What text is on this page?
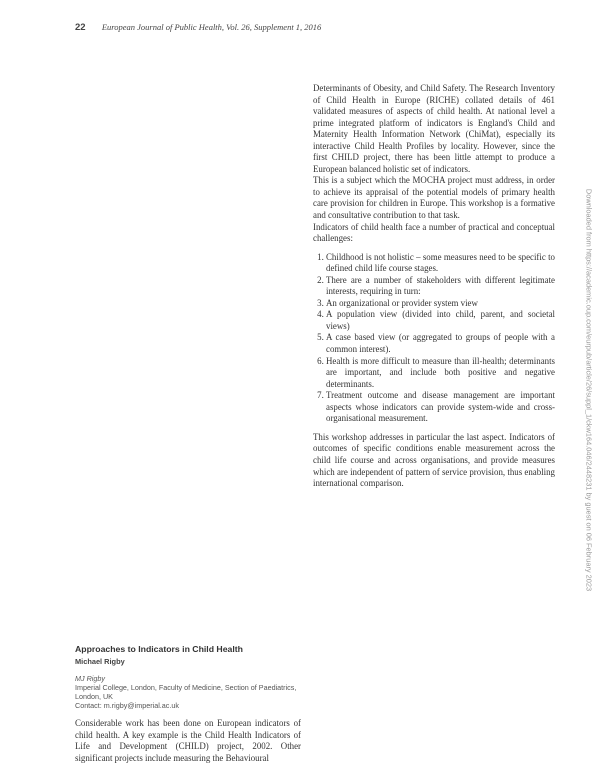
22 European Journal of Public Health, Vol. 26, Supplement 1, 2016

Determinants of Obesity, and Child Safety. The Research Inventory of Child Health in Europe (RICHE) collated details of 461 validated measures of aspects of child health. At national level a prime integrated platform of indicators is England's Child and Maternity Health Information Network (ChiMat), especially its interactive Child Health Profiles by locality. However, since the first CHILD project, there has been little attempt to produce a European balanced holistic set of indicators.

This is a subject which the MOCHA project must address, in order to achieve its appraisal of the potential models of primary health care provision for children in Europe. This workshop is a formative and consultative contribution to that task.

Indicators of child health face a number of practical and conceptual challenges:

1. Childhood is not holistic – some measures need to be specific to defined child life course stages.
2. There are a number of stakeholders with different legitimate interests, requiring in turn:
3. An organizational or provider system view
4. A population view (divided into child, parent, and societal views)
5. A case based view (or aggregated to groups of people with a common interest).
6. Health is more difficult to measure than ill-health; determinants are important, and include both positive and negative determinants.
7. Treatment outcome and disease management are important aspects whose indicators can provide system-wide and cross-organisational measurement.

This workshop addresses in particular the last aspect. Indicators of outcomes of specific conditions enable measurement across the child life course and across organisations, and provide measures which are independent of pattern of service provision, thus enabling international comparison.

Approaches to Indicators in Child Health
Michael Rigby
MJ Rigby
Imperial College, London, Faculty of Medicine, Section of Paediatrics, London, UK
Contact: m.rigby@imperial.ac.uk

Considerable work has been done on European indicators of child health. A key example is the Child Health Indicators of Life and Development (CHILD) project, 2002. Other significant projects include measuring the Behavioural

Downloaded from https://academic.oup.com/eurpub/article/26/suppl_1/ckw164.046/2448231 by guest on 06 February 2023
